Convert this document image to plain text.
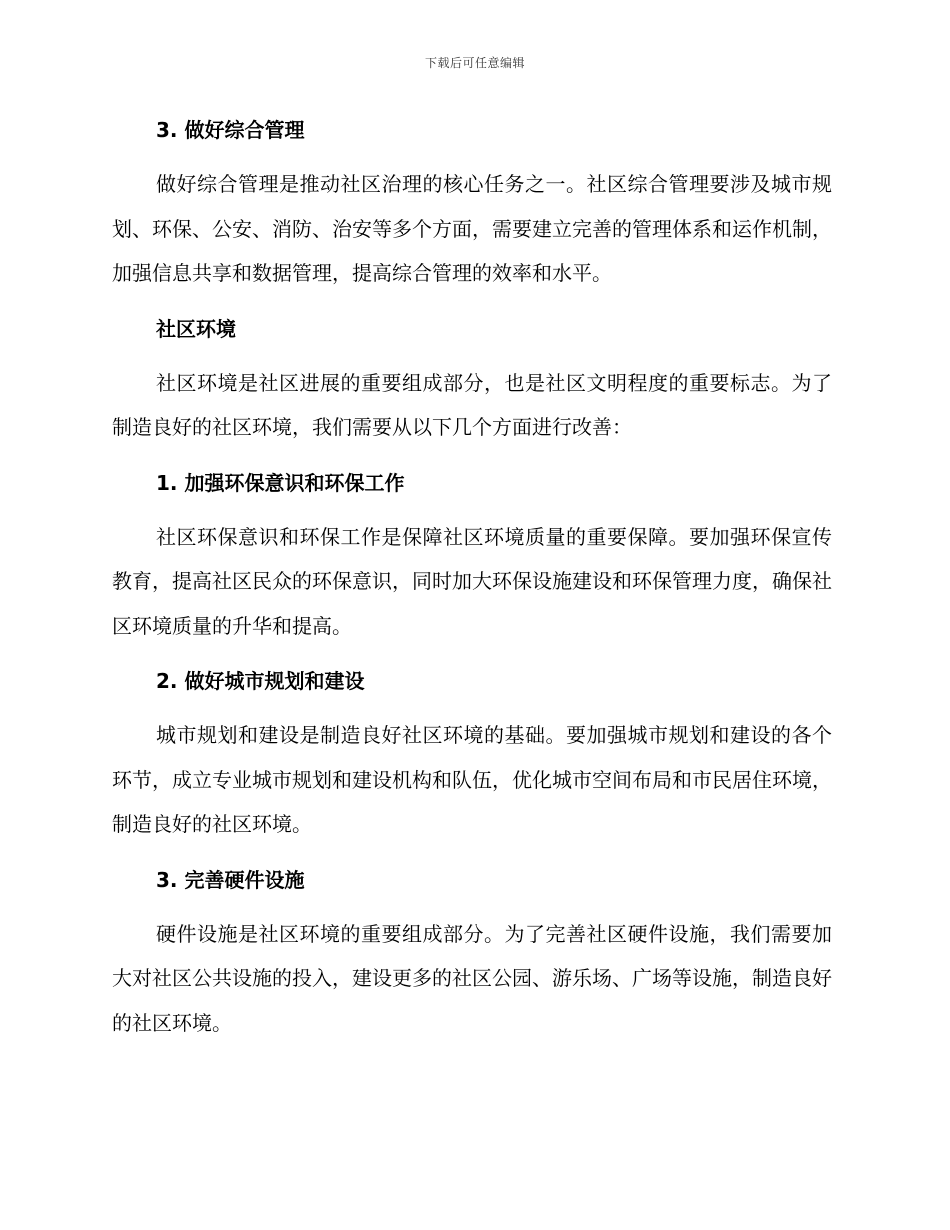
下载后可任意编辑
3. 做好综合管理

做好综合管理是推动社区治理的核心任务之一。社区综合管理要涉及城市规划、环保、公安、消防、治安等多个方面，需要建立完善的管理体系和运作机制，加强信息共享和数据管理，提高综合管理的效率和水平。

社区环境

社区环境是社区进展的重要组成部分，也是社区文明程度的重要标志。为了制造良好的社区环境，我们需要从以下几个方面进行改善：

1. 加强环保意识和环保工作

社区环保意识和环保工作是保障社区环境质量的重要保障。要加强环保宣传教育，提高社区民众的环保意识，同时加大环保设施建设和环保管理力度，确保社区环境质量的升华和提高。

2. 做好城市规划和建设

城市规划和建设是制造良好社区环境的基础。要加强城市规划和建设的各个环节，成立专业城市规划和建设机构和队伍，优化城市空间布局和市民居住环境，制造良好的社区环境。

3. 完善硬件设施

硬件设施是社区环境的重要组成部分。为了完善社区硬件设施，我们需要加大对社区公共设施的投入，建设更多的社区公园、游乐场、广场等设施，制造良好的社区环境。
